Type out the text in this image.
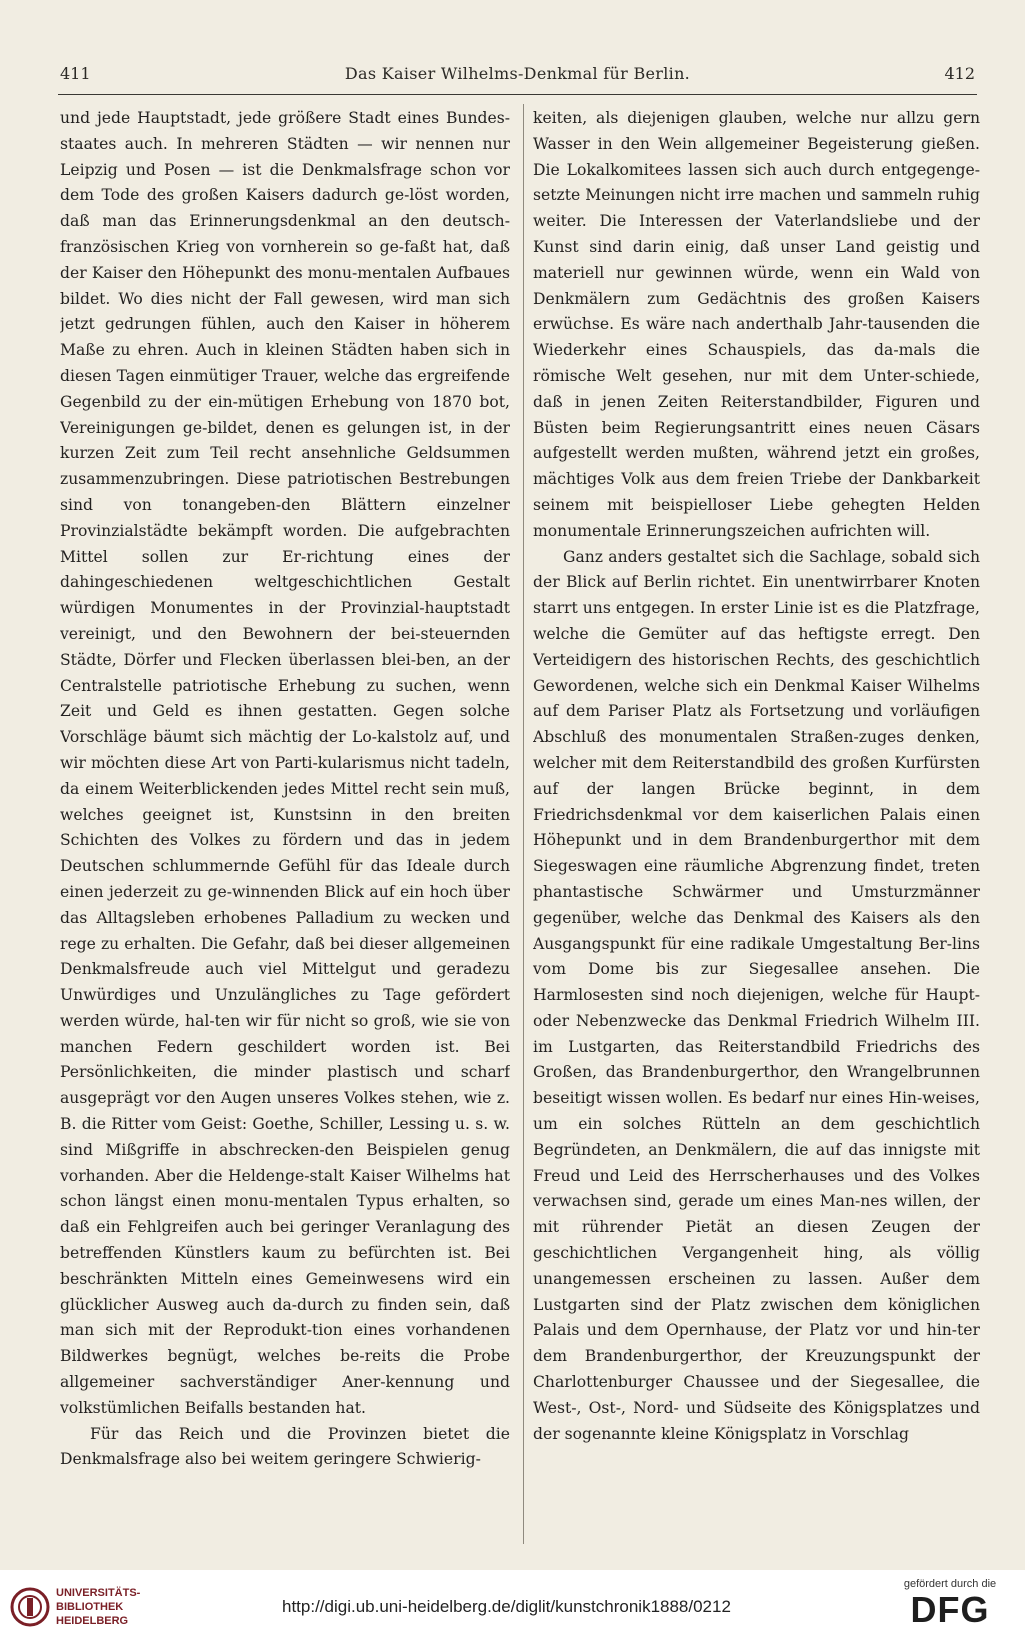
411	Das Kaiser Wilhelms-Denkmal für Berlin.	412

und jede Hauptstadt, jede größere Stadt eines Bundes-staates auch. In mehreren Städten — wir nennen nur Leipzig und Posen — ist die Denkmalsfrage schon vor dem Tode des großen Kaisers dadurch ge-löst worden, daß man das Erinnerungsdenkmal an den deutsch-französischen Krieg von vornherein so ge-faßt hat, daß der Kaiser den Höhepunkt des monu-mentalen Aufbaues bildet. Wo dies nicht der Fall gewesen, wird man sich jetzt gedrungen fühlen, auch den Kaiser in höherem Maße zu ehren. Auch in kleinen Städten haben sich in diesen Tagen einmütiger Trauer, welche das ergreifende Gegenbild zu der ein-mütigen Erhebung von 1870 bot, Vereinigungen ge-bildet, denen es gelungen ist, in der kurzen Zeit zum Teil recht ansehnliche Geldsummen zusammenzubringen. Diese patriotischen Bestrebungen sind von tonangeben-den Blättern einzelner Provinzialstädte bekämpft worden. Die aufgebrachten Mittel sollen zur Er-richtung eines der dahingeschiedenen weltgeschichtlichen Gestalt würdigen Monumentes in der Provinzial-hauptstadt vereinigt, und den Bewohnern der bei-steuernden Städte, Dörfer und Flecken überlassen blei-ben, an der Centralstelle patriotische Erhebung zu suchen, wenn Zeit und Geld es ihnen gestatten. Gegen solche Vorschläge bäumt sich mächtig der Lo-kalstolz auf, und wir möchten diese Art von Parti-kularismus nicht tadeln, da einem Weiterblickenden jedes Mittel recht sein muß, welches geeignet ist, Kunstsinn in den breiten Schichten des Volkes zu fördern und das in jedem Deutschen schlummernde Gefühl für das Ideale durch einen jederzeit zu ge-winnenden Blick auf ein hoch über das Alltagsleben erhobenes Palladium zu wecken und rege zu erhalten. Die Gefahr, daß bei dieser allgemeinen Denkmalsfreude auch viel Mittelgut und geradezu Unwürdiges und Unzulängliches zu Tage gefördert werden würde, hal-ten wir für nicht so groß, wie sie von manchen Federn geschildert worden ist. Bei Persönlichkeiten, die minder plastisch und scharf ausgeprägt vor den Augen unseres Volkes stehen, wie z. B. die Ritter vom Geist: Goethe, Schiller, Lessing u. s. w. sind Mißgriffe in abschrecken-den Beispielen genug vorhanden. Aber die Heldenge-stalt Kaiser Wilhelms hat schon längst einen monu-mentalen Typus erhalten, so daß ein Fehlgreifen auch bei geringer Veranlagung des betreffenden Künstlers kaum zu befürchten ist. Bei beschränkten Mitteln eines Gemeinwesens wird ein glücklicher Ausweg auch da-durch zu finden sein, daß man sich mit der Reprodukt-tion eines vorhandenen Bildwerkes begnügt, welches be-reits die Probe allgemeiner sachverständiger Aner-kennung und volkstümlichen Beifalls bestanden hat.

Für das Reich und die Provinzen bietet die Denkmalsfrage also bei weitem geringere Schwierig-

keiten, als diejenigen glauben, welche nur allzu gern Wasser in den Wein allgemeiner Begeisterung gießen. Die Lokalkomitees lassen sich auch durch entgegenge-setzte Meinungen nicht irre machen und sammeln ruhig weiter. Die Interessen der Vaterlandsliebe und der Kunst sind darin einig, daß unser Land geistig und materiell nur gewinnen würde, wenn ein Wald von Denkmälern zum Gedächtnis des großen Kaisers erwüchse. Es wäre nach anderthalb Jahr-tausenden die Wiederkehr eines Schauspiels, das da-mals die römische Welt gesehen, nur mit dem Unter-schiede, daß in jenen Zeiten Reiterstandbilder, Figuren und Büsten beim Regierungsantritt eines neuen Cäsars aufgestellt werden mußten, während jetzt ein großes, mächtiges Volk aus dem freien Triebe der Dankbarkeit seinem mit beispielloser Liebe gehegten Helden monumentale Erinnerungszeichen aufrichten will.

Ganz anders gestaltet sich die Sachlage, sobald sich der Blick auf Berlin richtet. Ein unentwirrbarer Knoten starrt uns entgegen. In erster Linie ist es die Platzfrage, welche die Gemüter auf das heftigste erregt. Den Verteidigern des historischen Rechts, des geschichtlich Gewordenen, welche sich ein Denkmal Kaiser Wilhelms auf dem Pariser Platz als Fortsetzung und vorläufigen Abschluß des monumentalen Straßen-zuges denken, welcher mit dem Reiterstandbild des großen Kurfürsten auf der langen Brücke beginnt, in dem Friedrichsdenkmal vor dem kaiserlichen Palais einen Höhepunkt und in dem Brandenburgerthor mit dem Siegeswagen eine räumliche Abgrenzung findet, treten phantastische Schwärmer und Umsturzmänner gegenüber, welche das Denkmal des Kaisers als den Ausgangspunkt für eine radikale Umgestaltung Ber-lins vom Dome bis zur Siegesallee ansehen. Die Harmlosesten sind noch diejenigen, welche für Haupt- oder Nebenzwecke das Denkmal Friedrich Wilhelm III. im Lustgarten, das Reiterstandbild Friedrichs des Großen, das Brandenburgerthor, den Wrangelbrunnen beseitigt wissen wollen. Es bedarf nur eines Hin-weises, um ein solches Rütteln an dem geschichtlich Begründeten, an Denkmälern, die auf das innigste mit Freud und Leid des Herrscherhauses und des Volkes verwachsen sind, gerade um eines Man-nes willen, der mit rührender Pietät an diesen Zeugen der geschichtlichen Vergangenheit hing, als völlig unangemessen erscheinen zu lassen. Außer dem Lustgarten sind der Platz zwischen dem königlichen Palais und dem Opernhause, der Platz vor und hin-ter dem Brandenburgerthor, der Kreuzungspunkt der Charlottenburger Chaussee und der Siegesallee, die West-, Ost-, Nord- und Südseite des Königsplatzes und der sogenannte kleine Königsplatz in Vorschlag

UNIVERSITÄTS-
BIBLIOTHEK
HEIDELBERG
http://digi.ub.uni-heidelberg.de/diglit/kunstchronik1888/0212
gefördert durch die
DFG
